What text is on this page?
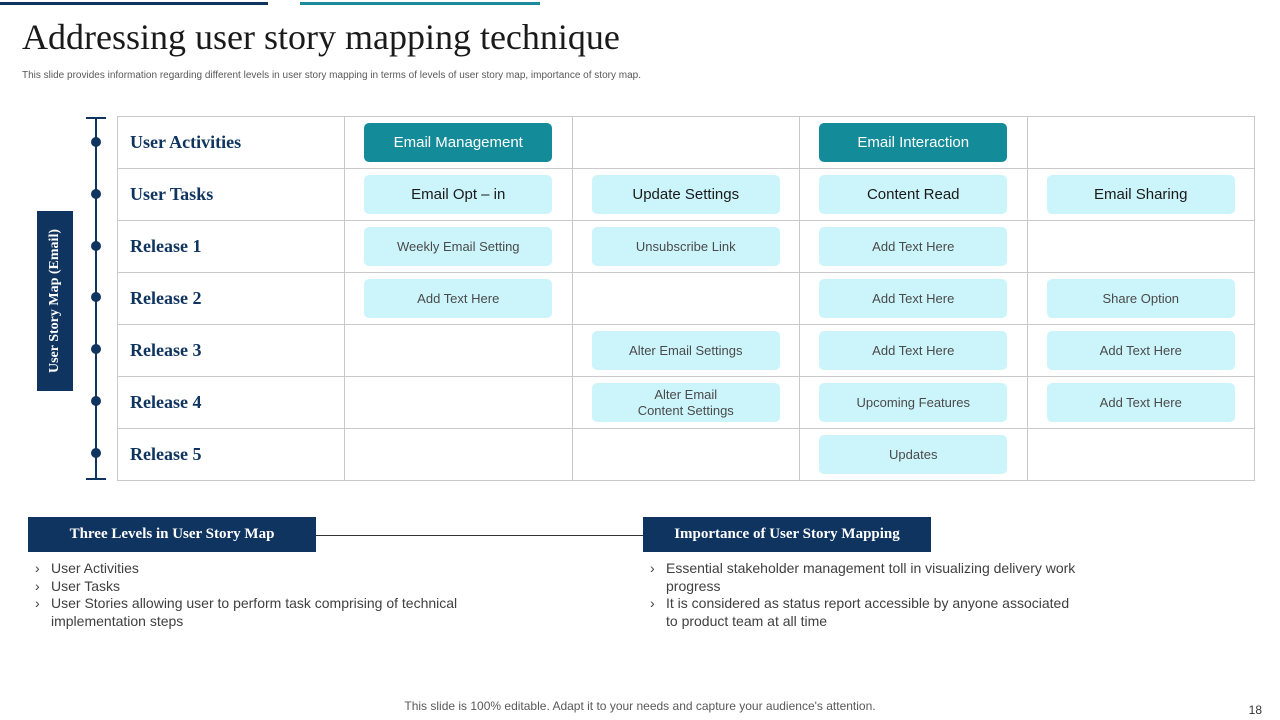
Addressing user story mapping technique

This slide provides information regarding different levels in user story mapping in terms of levels of user story map, importance of story map.

User Story Map (Email)
User Activities	Email Management		Email Interaction	

User Tasks	Email Opt – in	Update Settings	Content Read	Email Sharing

Release 1	Weekly Email Setting	Unsubscribe Link	Add Text Here	

Release 2	Add Text Here		Add Text Here	Share Option

Release 3		Alter Email Settings	Add Text Here	Add Text Here

Release 4		Alter Email
Content Settings	Upcoming Features	Add Text Here

Release 5			Updates	

Three Levels in User Story Map	Importance of User Story Mapping
› User Activities
› User Tasks
› User Stories allowing user to perform task comprising of technical implementation steps
› Essential stakeholder management toll in visualizing delivery work progress
› It is considered as status report accessible by anyone associated to product team at all time
This slide is 100% editable. Adapt it to your needs and capture your audience's attention.	18
